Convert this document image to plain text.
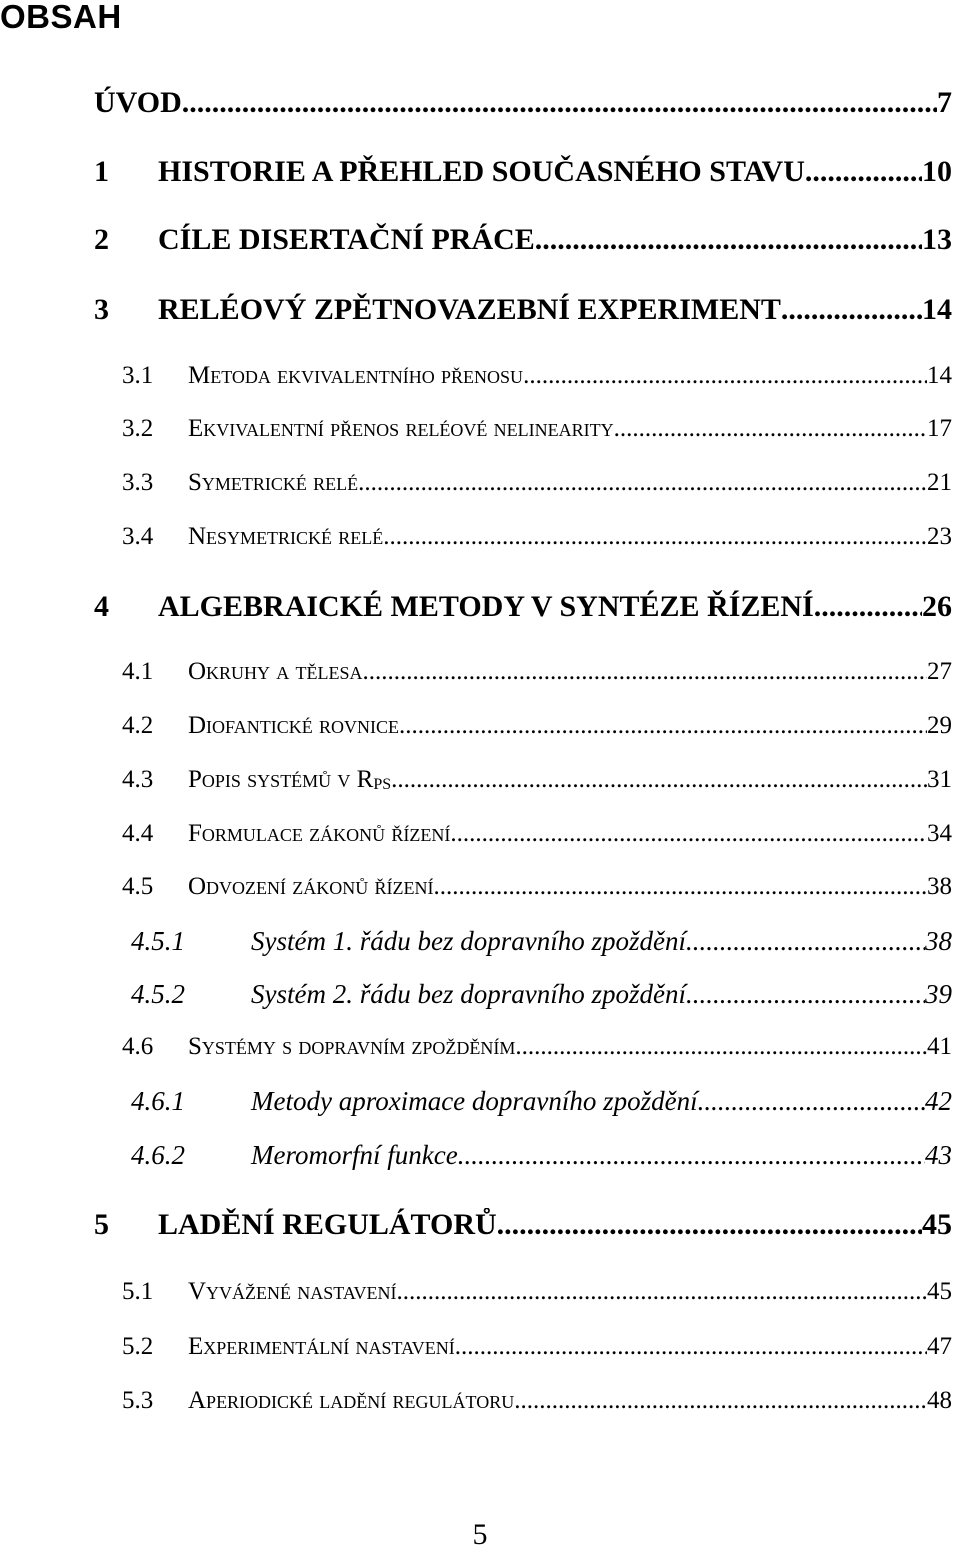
OBSAH
ÚVOD .....	7
1	HISTORIE A PŘEHLED SOUČASNÉHO STAVU .....	10
2	CÍLE DISERTAČNÍ PRÁCE .....	13
3	RELÉOVÝ ZPĚTNOVAZEBNÍ EXPERIMENT .....	14
3.1	Metoda ekvivalentního přenosu .....	14
3.2	Ekvivalentní přenos reléové nelinearity .....	17
3.3	Symetrické relé .....	21
3.4	Nesymetrické relé .....	23
4	ALGEBRAICKÉ METODY V SYNTÉZE ŘÍZENÍ .....	26
4.1	Okruhy a tělesa .....	27
4.2	Diofantické rovnice .....	29
4.3	Popis systémů v RPS .....	31
4.4	Formulace zákonů řízení .....	34
4.5	Odvození zákonů řízení .....	38
4.5.1	Systém 1. řádu bez dopravního zpoždění .....	38
4.5.2	Systém 2. řádu bez dopravního zpoždění .....	39
4.6	Systémy s dopravním zpožděním .....	41
4.6.1	Metody aproximace dopravního zpoždění .....	42
4.6.2	Meromorfní funkce .....	43
5	LADĚNÍ REGULÁTORŮ .....	45
5.1	Vyvážené nastavení .....	45
5.2	Experimentální nastavení .....	47
5.3	Aperiodické ladění regulátoru .....	48
5
